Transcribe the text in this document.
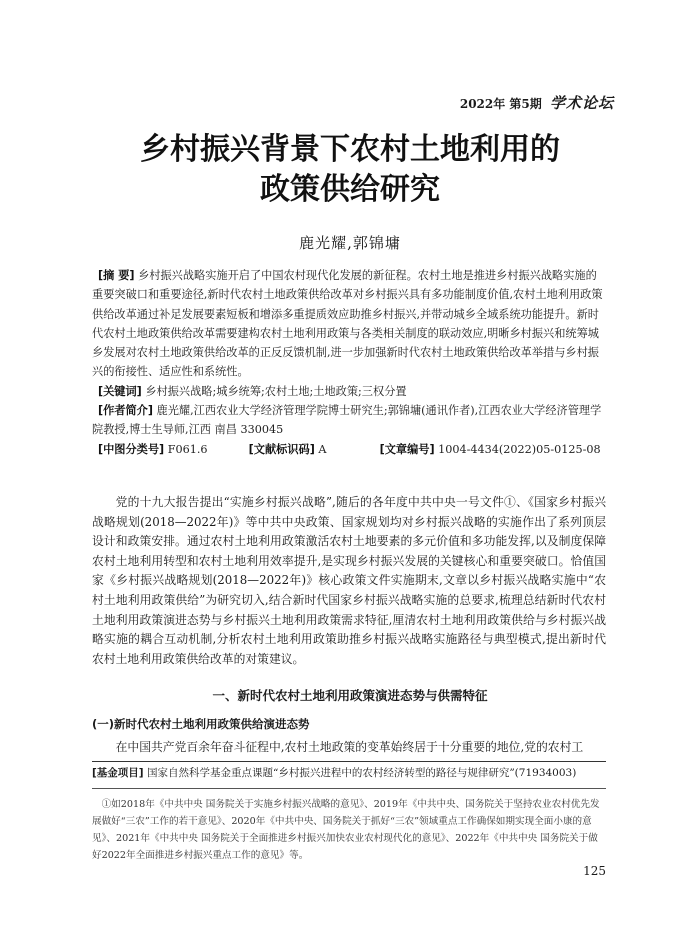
2022年 第5期 学术论坛
乡村振兴背景下农村土地利用的
政策供给研究
鹿光耀,郭锦墉
[摘 要] 乡村振兴战略实施开启了中国农村现代化发展的新征程。农村土地是推进乡村振兴战略实施的重要突破口和重要途径,新时代农村土地政策供给改革对乡村振兴具有多功能制度价值,农村土地利用政策供给改革通过补足发展要素短板和增添多重提质效应助推乡村振兴,并带动城乡全域系统功能提升。新时代农村土地政策供给改革需要建构农村土地利用政策与各类相关制度的联动效应,明晰乡村振兴和统筹城乡发展对农村土地政策供给改革的正反反馈机制,进一步加强新时代农村土地政策供给改革举措与乡村振兴的衔接性、适应性和系统性。
[关键词] 乡村振兴战略;城乡统筹;农村土地;土地政策;三权分置
[作者简介] 鹿光耀,江西农业大学经济管理学院博士研究生;郭锦墉(通讯作者),江西农业大学经济管理学院教授,博士生导师,江西 南昌 330045
[中图分类号] F061.6	[文献标识码] A	[文章编号] 1004-4434(2022)05-0125-08
党的十九大报告提出“实施乡村振兴战略”,随后的各年度中共中央一号文件①、《国家乡村振兴战略规划(2018—2022年)》等中共中央政策、国家规划均对乡村振兴战略的实施作出了系列顶层设计和政策安排。通过农村土地利用政策激活农村土地要素的多元价值和多功能发挥,以及制度保障农村土地利用转型和农村土地利用效率提升,是实现乡村振兴发展的关键核心和重要突破口。恰值国家《乡村振兴战略规划(2018—2022年)》核心政策文件实施期末,文章以乡村振兴战略实施中“农村土地利用政策供给”为研究切入,结合新时代国家乡村振兴战略实施的总要求,梳理总结新时代农村土地利用政策演进态势与乡村振兴土地利用政策需求特征,厘清农村土地利用政策供给与乡村振兴战略实施的耦合互动机制,分析农村土地利用政策助推乡村振兴战略实施路径与典型模式,提出新时代农村土地利用政策供给改革的对策建议。
一、新时代农村土地利用政策演进态势与供需特征
(一)新时代农村土地利用政策供给演进态势
在中国共产党百余年奋斗征程中,农村土地政策的变革始终居于十分重要的地位,党的农村工
[基金项目] 国家自然科学基金重点课题“乡村振兴进程中的农村经济转型的路径与规律研究”(71934003)
①如2018年《中共中央 国务院关于实施乡村振兴战略的意见》、2019年《中共中央、国务院关于坚持农业农村优先发展做好“三农”工作的若干意见》、2020年《中共中央、国务院关于抓好“三农”领域重点工作确保如期实现全面小康的意见》、2021年《中共中央 国务院关于全面推进乡村振兴加快农业农村现代化的意见》、2022年《中共中央 国务院关于做好2022年全面推进乡村振兴重点工作的意见》等。
125
